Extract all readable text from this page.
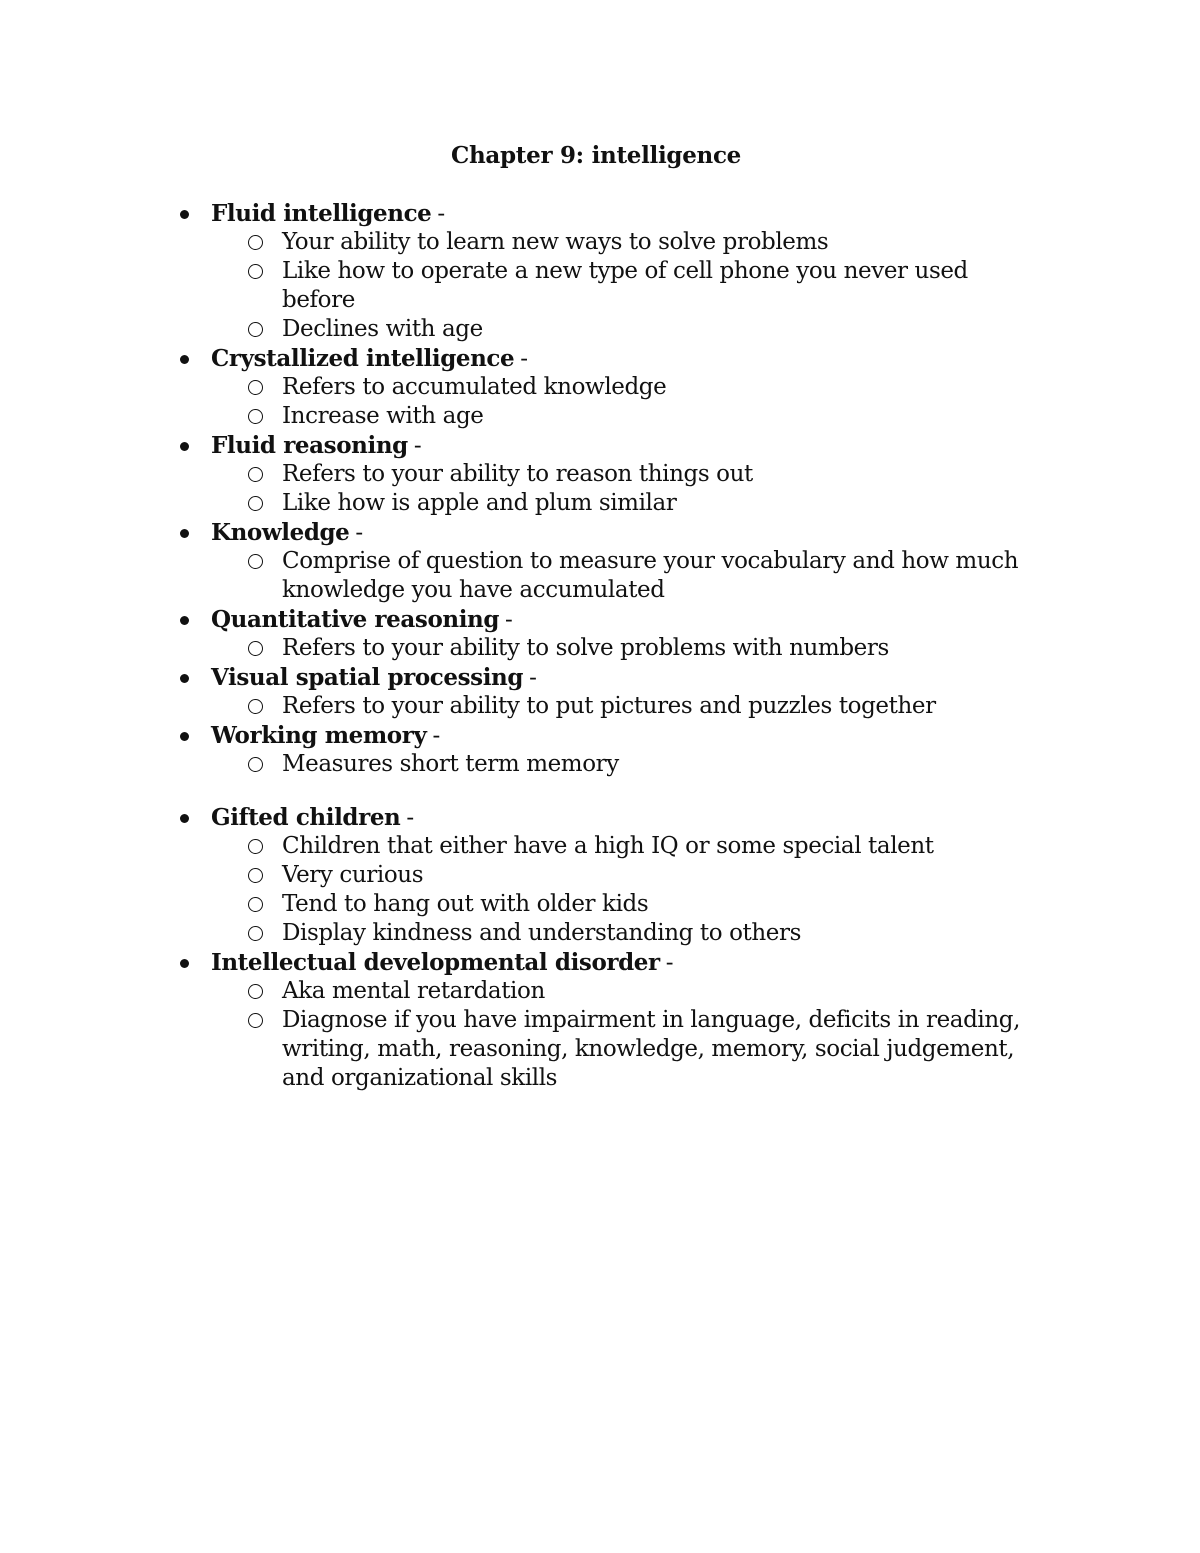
Chapter 9: intelligence
Fluid intelligence -
Your ability to learn new ways to solve problems
Like how to operate a new type of cell phone you never used before
Declines with age
Crystallized intelligence -
Refers to accumulated knowledge
Increase with age
Fluid reasoning -
Refers to your ability to reason things out
Like how is apple and plum similar
Knowledge -
Comprise of question to measure your vocabulary and how much knowledge you have accumulated
Quantitative reasoning -
Refers to your ability to solve problems with numbers
Visual spatial processing -
Refers to your ability to put pictures and puzzles together
Working memory -
Measures short term memory
Gifted children -
Children that either have a high IQ or some special talent
Very curious
Tend to hang out with older kids
Display kindness and understanding to others
Intellectual developmental disorder -
Aka mental retardation
Diagnose if you have impairment in language, deficits in reading, writing, math, reasoning, knowledge, memory, social judgement, and organizational skills
